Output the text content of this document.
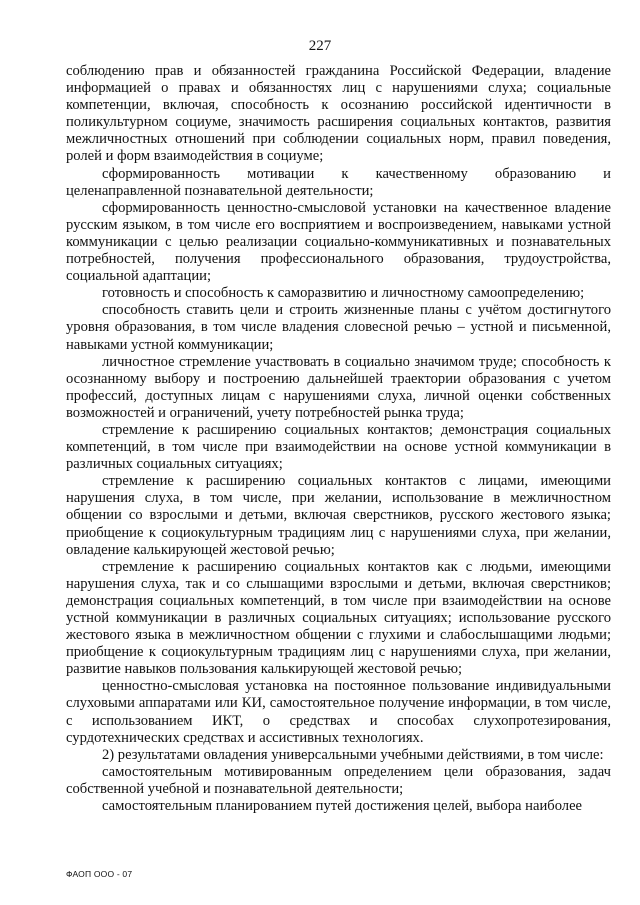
227

соблюдению прав и обязанностей гражданина Российской Федерации, владение информацией о правах и обязанностях лиц с нарушениями слуха; социальные компетенции, включая, способность к осознанию российской идентичности в поликультурном социуме, значимость расширения социальных контактов, развития межличностных отношений при соблюдении социальных норм, правил поведения, ролей и форм взаимодействия в социуме;

сформированность мотивации к качественному образованию и целенаправленной познавательной деятельности;

сформированность ценностно-смысловой установки на качественное владение русским языком, в том числе его восприятием и воспроизведением, навыками устной коммуникации с целью реализации социально-коммуникативных и познавательных потребностей, получения профессионального образования, трудоустройства, социальной адаптации;

готовность и способность к саморазвитию и личностному самоопределению;

способность ставить цели и строить жизненные планы с учётом достигнутого уровня образования, в том числе владения словесной речью – устной и письменной, навыками устной коммуникации;

личностное стремление участвовать в социально значимом труде; способность к осознанному выбору и построению дальнейшей траектории образования с учетом профессий, доступных лицам с нарушениями слуха, личной оценки собственных возможностей и ограничений, учету потребностей рынка труда;

стремление к расширению социальных контактов; демонстрация социальных компетенций, в том числе при взаимодействии на основе устной коммуникации в различных социальных ситуациях;

стремление к расширению социальных контактов с лицами, имеющими нарушения слуха, в том числе, при желании, использование в межличностном общении со взрослыми и детьми, включая сверстников, русского жестового языка; приобщение к социокультурным традициям лиц с нарушениями слуха, при желании, овладение калькирующей жестовой речью;

стремление к расширению социальных контактов как с людьми, имеющими нарушения слуха, так и со слышащими взрослыми и детьми, включая сверстников; демонстрация социальных компетенций, в том числе при взаимодействии на основе устной коммуникации в различных социальных ситуациях; использование русского жестового языка в межличностном общении с глухими и слабослышащими людьми; приобщение к социокультурным традициям лиц с нарушениями слуха, при желании, развитие навыков пользования калькирующей жестовой речью;

ценностно-смысловая установка на постоянное пользование индивидуальными слуховыми аппаратами или КИ, самостоятельное получение информации, в том числе, с использованием ИКТ, о средствах и способах слухопротезирования, сурдотехнических средствах и ассистивных технологиях.

2) результатами овладения универсальными учебными действиями, в том числе:

самостоятельным мотивированным определением цели образования, задач собственной учебной и познавательной деятельности;

самостоятельным планированием путей достижения целей, выбора наиболее

ФАОП ООО - 07
